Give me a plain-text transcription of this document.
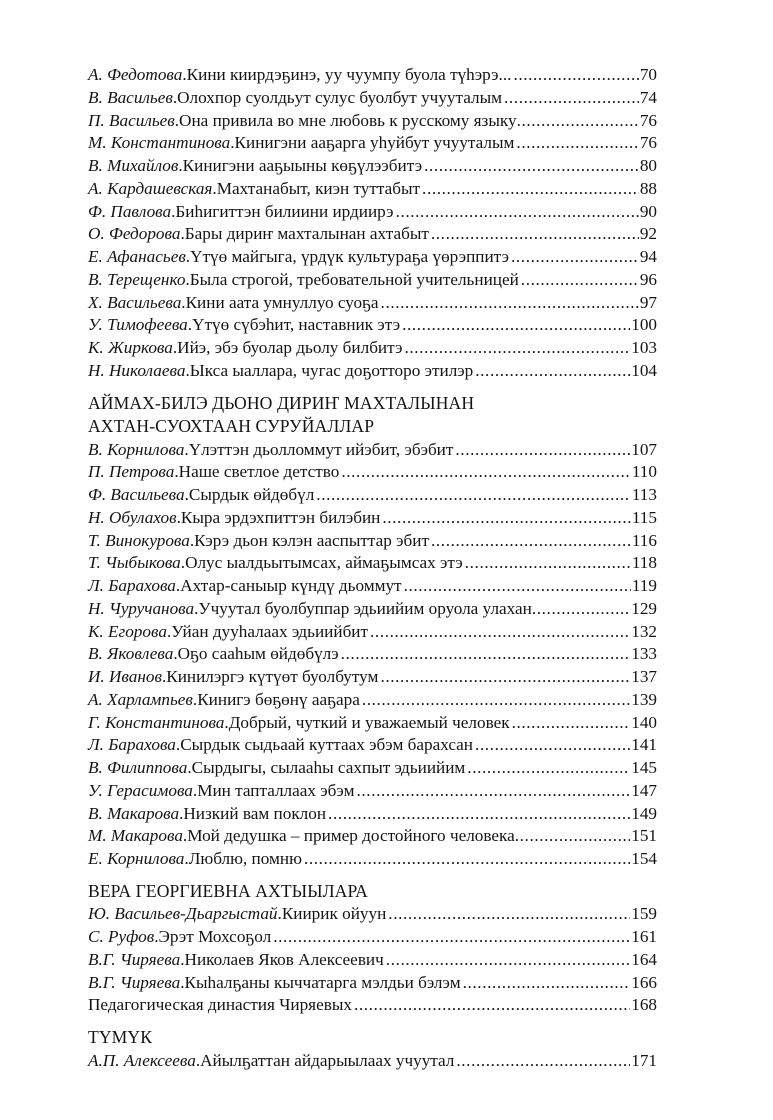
А. Федотова . Кини киирдэҕинэ, уу чуумпу буола түһэрэ... .....	70
В. Васильев . Олохпор суолдьут сулус буолбут учууталым .....	74
П. Васильев . Она привила во мне любовь к русскому языку .....	76
М. Константинова . Кинигэни ааҕарга уһуйбут учууталым .....	76
В. Михайлов . Кинигэни ааҕыыны көҕүлээбитэ .....	80
А. Кардашевская . Махтанабыт, киэн туттабыт .....	88
Ф. Павлова . Биһигиттэн билиини ирдиирэ .....	90
О. Федорова . Бары дириҥ махталынан ахтабыт .....	92
Е. Афанасьев . Үтүө майгыга, үрдүк культураҕа үөрэппитэ .....	94
В. Терещенко . Была строгой, требовательной учительницей .....	96
Х. Васильева . Кини аата умнуллуо суоҕа .....	97
У. Тимофеева . Үтүө сүбэһит, наставник этэ .....	100
К. Жиркова . Ийэ, эбэ буолар дьолу билбитэ .....	103
Н. Николаева . Ыкса ыаллара, чугас доҕотторо этилэр .....	104
АЙМАХ-БИЛЭ ДЬОНО ДИРИҤ МАХТАЛЫНАН
АХТАН-СУОХТААН СУРУЙАЛЛАР
В. Корнилова . Үлэттэн дьолломмут ийэбит, эбэбит .....	107
П. Петрова . Наше светлое детство .....	110
Ф. Васильева . Сырдык өйдөбүл .....	113
Н. Обулахов . Кыра эрдэхпиттэн билэбин .....	115
Т. Винокурова . Кэрэ дьон кэлэн ааспыттар эбит .....	116
Т. Чыбыкова . Олус ыалдьытымсах, аймаҕымсах этэ .....	118
Л. Барахова . Ахтар-саныыр күндү дьоммут .....	119
Н. Чуручанова . Учуутал буолбуппар эдьиийим оруола улахан .....	129
К. Егорова . Уйан дууһалаах эдьиийбит .....	132
В. Яковлева . Оҕо сааһым өйдөбүлэ .....	133
И. Иванов . Кинилэргэ күтүөт буолбутум .....	137
А. Харлампьев . Кинигэ бөҕөнү ааҕара .....	139
Г. Константинова . Добрый, чуткий и уважаемый человек .....	140
Л. Барахова . Сырдык сыдьаай куттаах эбэм барахсан .....	141
В. Филиппова . Сырдыгы, сылааһы сахпыт эдьиийим .....	145
У. Герасимова . Мин тапталлаах эбэм .....	147
В. Макарова . Низкий вам поклон .....	149
М. Макарова . Мой дедушка – пример достойного человека .....	151
Е. Корнилова . Люблю, помню .....	154
ВЕРА ГЕОРГИЕВНА АХТЫЫЛАРА
Ю. Васильев-Дьаргыстай . Киирик ойуун .....	159
С. Руфов . Эрэт Мохсоҕол .....	161
В.Г. Чиряева . Николаев Яков Алексеевич .....	164
В.Г. Чиряева . Кыһалҕаны кыччатарга мэлдьи бэлэм .....	166
Педагогическая династия Чиряевых .....	168
ТҮМҮК
А.П. Алексеева . Айылҕаттан айдарыылаах учуутал .....	171
